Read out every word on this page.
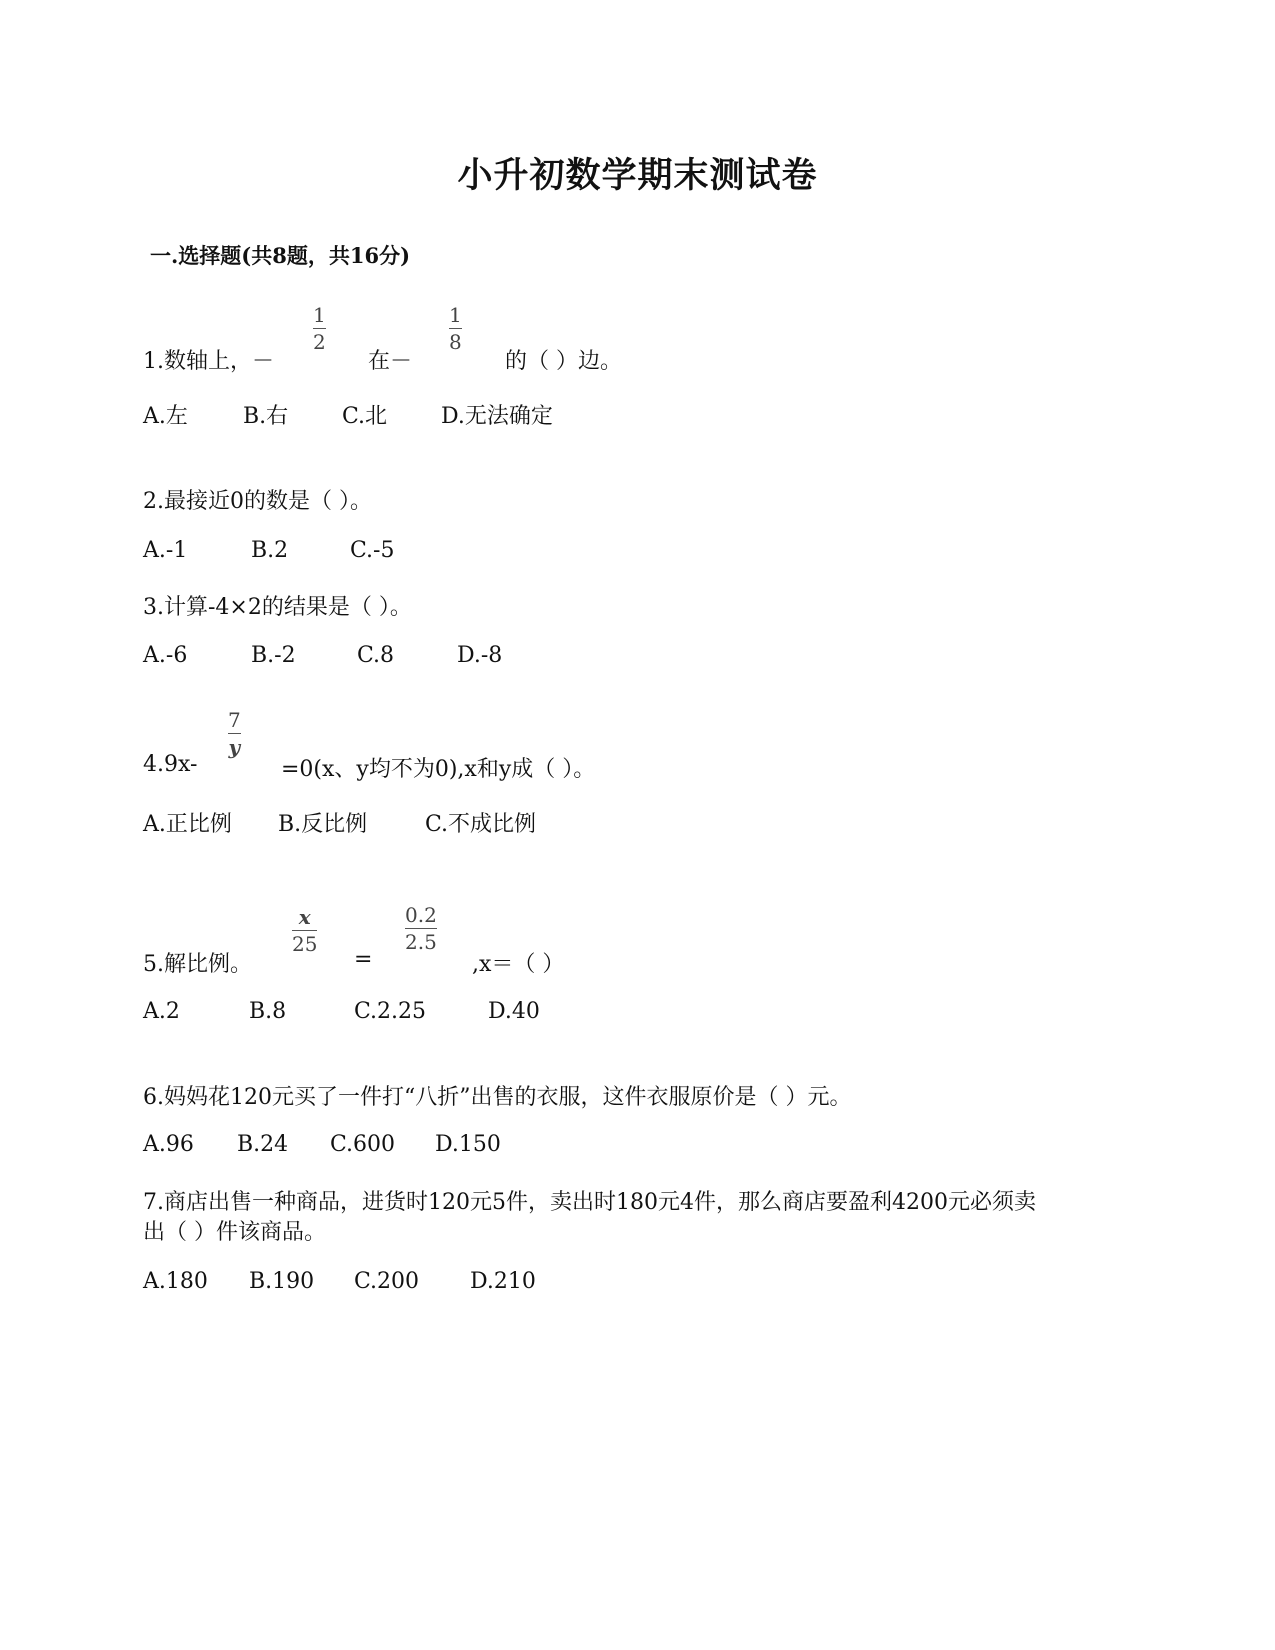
小升初数学期末测试卷
一.选择题(共8题，共16分)
1.数轴上，－
1
2
在－
1
8
的（ ）边。
A.左	B.右 C.北 D.无法确定
2.最接近0的数是（ ）。
A.-1	B.2	C.-5
3.计算-4×2的结果是（ ）。
A.-6	B.-2	C.8	D.-8
4.9x-
7
y
=0(x、y均不为0),x和y成（ ）。
A.正比例 B.反比例	C.不成比例
5.解比例。
x
25
=
0.2
2.5
,x＝（ ）
A.2	B.8	C.2.25	D.40
6.妈妈花120元买了一件打“八折”出售的衣服，这件衣服原价是（ ）元。
A.96 B.24 C.600 D.150
7.商店出售一种商品，进货时120元5件，卖出时180元4件，那么商店要盈利4200元必须卖
出（ ）件该商品。
A.180 B.190 C.200 D.210
